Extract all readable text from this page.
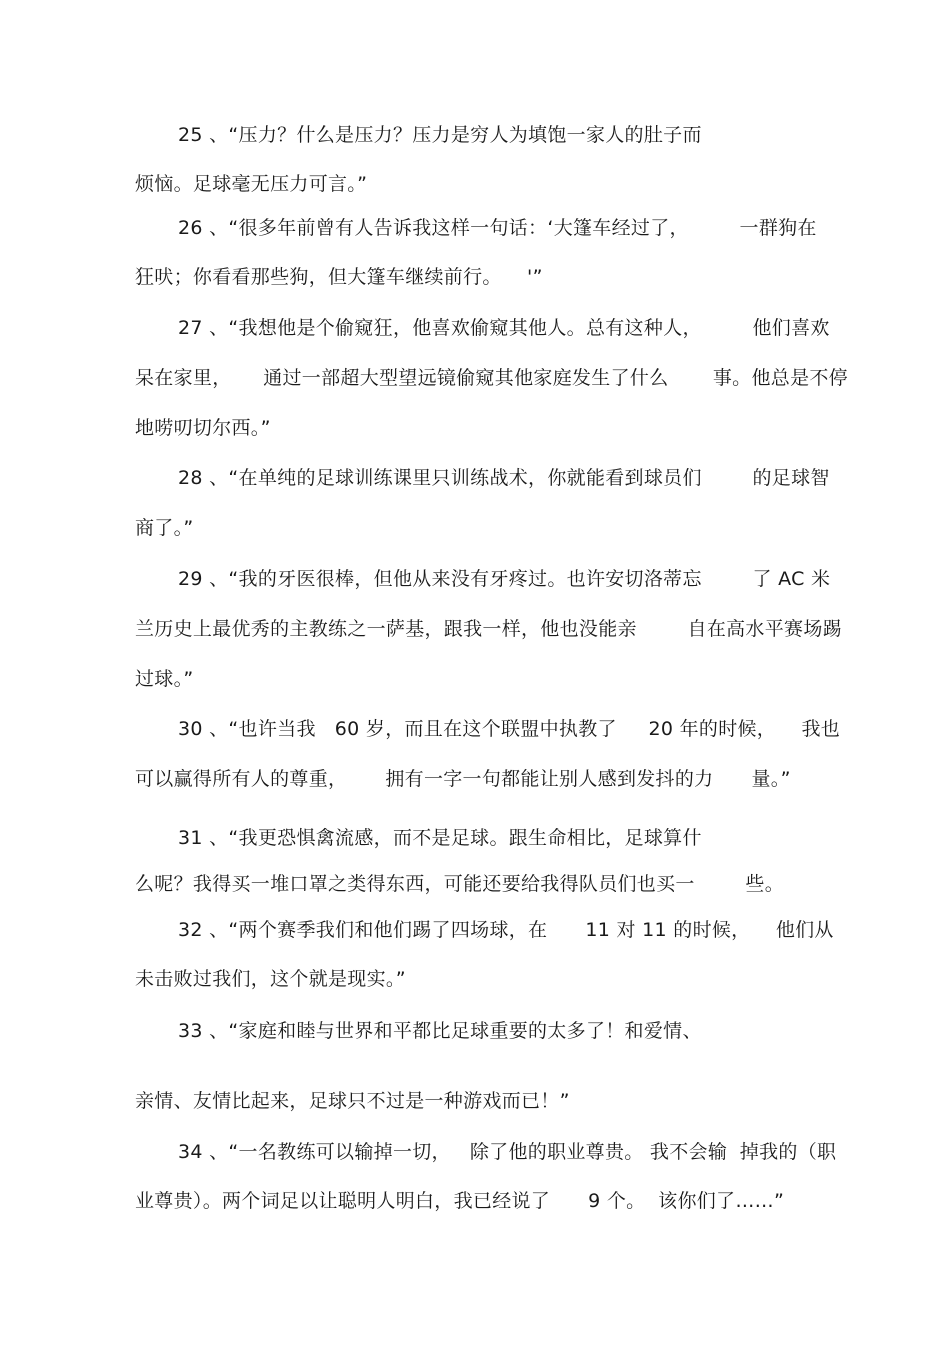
25 、“压力？什么是压力？压力是穷人为填饱一家人的肚子而
烦恼。足球毫无压力可言。”
26 、“很多年前曾有人告诉我这样一句话：‘大篷车经过了，        一群狗在
狂吠；你看看那些狗，但大篷车继续前行。    '”
27 、“我想他是个偷窥狂，他喜欢偷窥其他人。总有这种人，        他们喜欢
呆在家里，     通过一部超大型望远镜偷窥其他家庭发生了什么       事。他总是不停
地唠叨切尔西。”
28 、“在单纯的足球训练课里只训练战术，你就能看到球员们        的足球智
商了。”
29 、“我的牙医很棒，但他从来没有牙疼过。也许安切洛蒂忘        了 AC 米
兰历史上最优秀的主教练之一萨基，跟我一样，他也没能亲        自在高水平赛场踢
过球。”
30 、“也许当我   60 岁，而且在这个联盟中执教了     20 年的时候，    我也
可以赢得所有人的尊重，      拥有一字一句都能让别人感到发抖的力      量。”
31 、“我更恐惧禽流感，而不是足球。跟生命相比，足球算什
么呢？我得买一堆口罩之类得东西，可能还要给我得队员们也买一        些。
32 、“两个赛季我们和他们踢了四场球，在      11 对 11 的时候，    他们从
未击败过我们，这个就是现实。”
33 、“家庭和睦与世界和平都比足球重要的太多了！和爱情、
亲情、友情比起来，足球只不过是一种游戏而已！”
34 、“一名教练可以输掉一切，   除了他的职业尊贵。 我不会输  掉我的（职
业尊贵）。两个词足以让聪明人明白，我已经说了      9 个。  该你们了……”
